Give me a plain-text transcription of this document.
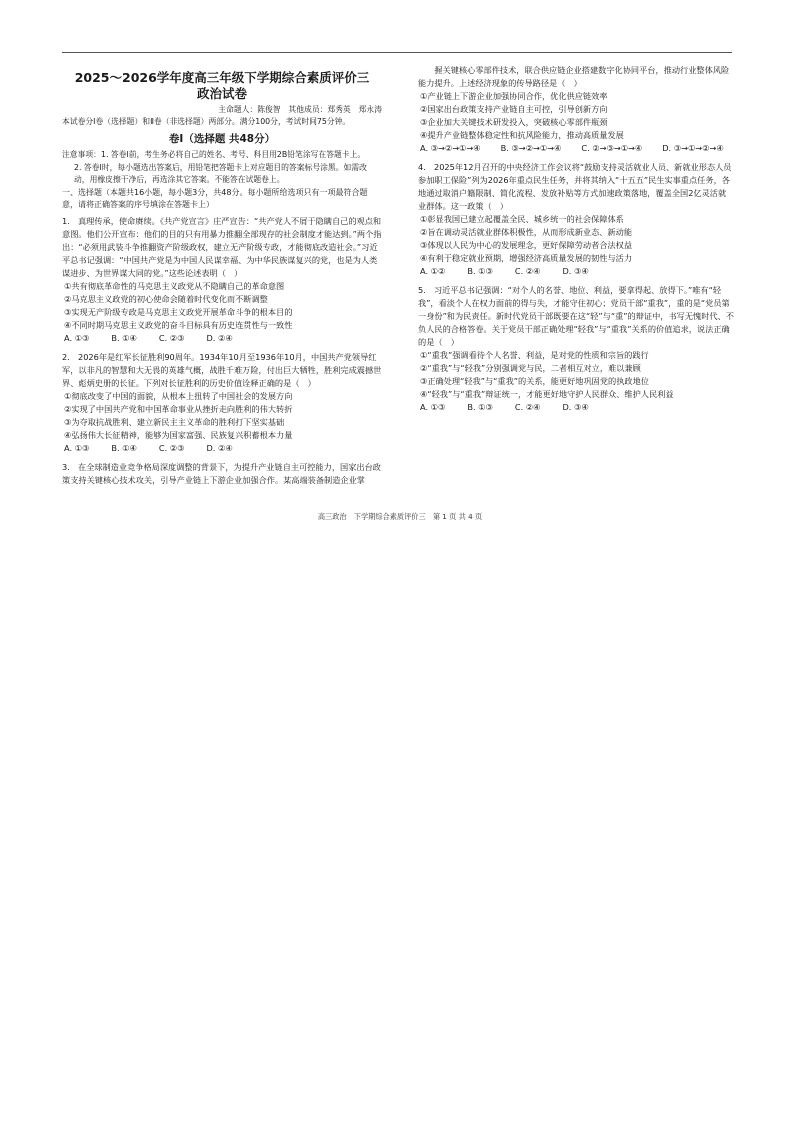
2025～2026学年度高三年级下学期综合素质评价三
政治试卷
主命题人：陈俊智　其他成员：郑秀英　郑永涛
本试卷分Ⅰ卷（选择题）和Ⅱ卷（非选择题）两部分。满分100分，考试时间75分钟。
卷Ⅰ（选择题 共48分）

注意事项：1. 答卷Ⅰ前，考生务必将自己的姓名、考号、科目用2B铅笔涂写在答题卡上。

2. 答卷Ⅰ时，每小题选出答案后，用铅笔把答题卡上对应题目的答案标号涂黑。如需改动，用橡皮擦干净后，再选涂其它答案。不能答在试题卷上。

一、选择题（本题共16小题，每小题3分，共48分。每小题所给选项只有一项最符合题意，请将正确答案的序号填涂在答题卡上）

1.　真理传承，使命赓续。《共产党宣言》庄严宣告：“共产党人不屑于隐瞒自己的观点和意图。他们公开宣布：他们的目的只有用暴力推翻全部现存的社会制度才能达到。”两个指出：“必须用武装斗争推翻资产阶级政权，建立无产阶级专政，才能彻底改造社会。”习近平总书记强调：“中国共产党是为中国人民谋幸福、为中华民族谋复兴的党，也是为人类谋进步、为世界谋大同的党。”这些论述表明（　）

①共有彻底革命性的马克思主义政党从不隐瞒自己的革命意图

②马克思主义政党的初心使命会随着时代变化而不断调整

③实现无产阶级专政是马克思主义政党开展革命斗争的根本目的

④不同时期马克思主义政党的奋斗目标具有历史连贯性与一致性

A. ①③	B. ①④	C. ②③	D. ②④

2.　2026年是红军长征胜利90周年。1934年10月至1936年10月，中国共产党领导红军，以非凡的智慧和大无畏的英雄气概，战胜千难万险，付出巨大牺牲，胜利完成震撼世界、彪炳史册的长征。下列对长征胜利的历史价值诠释正确的是（　）

①彻底改变了中国的面貌，从根本上扭转了中国社会的发展方向

②实现了中国共产党和中国革命事业从挫折走向胜利的伟大转折

③为夺取抗战胜利、建立新民主主义革命的胜利打下坚实基础

④弘扬伟大长征精神，能够为国家富强、民族复兴积蓄根本力量

A. ①③	B. ①④	C. ②③	D. ②④

3.　在全球制造业竞争格局深度调整的背景下，为提升产业链自主可控能力，国家出台政策支持关键核心技术攻关，引导产业链上下游企业加强合作。某高端装备制造企业掌

　　握关键核心零部件技术，联合供应链企业搭建数字化协同平台，推动行业整体风险能力提升。上述经济现象的传导路径是（　）

①产业链上下游企业加强协同合作，优化供应链效率

②国家出台政策支持产业链自主可控，引导创新方向

③企业加大关键技术研发投入，突破核心零部件瓶颈

④提升产业链整体稳定性和抗风险能力，推动高质量发展

A. ③→②→①→④ B. ③→②→①→④ C. ②→③→①→④ D. ③→①→②→④

4.　2025年12月召开的中央经济工作会议将“鼓励支持灵活就业人员、新就业形态人员参加职工保险”列为2026年重点民生任务，并将其纳入“十五五”民生实事重点任务，各地通过取消户籍限制、简化流程、发放补贴等方式加速政策落地，覆盖全国2亿灵活就业群体。这一政策（　）

①彰显我国已建立起覆盖全民、城乡统一的社会保障体系

②旨在调动灵活就业群体积极性，从而形成新业态、新动能

③体现以人民为中心的发展理念，更好保障劳动者合法权益

④有利于稳定就业预期，增强经济高质量发展的韧性与活力

A. ①②	B. ①③	C. ②④	D. ③④

5.　习近平总书记强调：“对个人的名誉、地位、利益，要拿得起、放得下。”唯有“轻我”，看淡个人在权力面前的得与失，才能守住初心；党员干部“重我”，重的是“党员第一身份”和为民责任。新时代党员干部既要在这“轻”与“重”的辩证中，书写无愧时代、不负人民的合格答卷。关于党员干部正确处理“轻我”与“重我”关系的价值追求，说法正确的是（　）

①“重我”强调看待个人名誉、利益，是对党的性质和宗旨的践行

②“重我”与“轻我”分别强调党与民，二者相互对立，难以兼顾

③正确处理“轻我”与“重我”的关系，能更好地巩固党的执政地位

④“轻我”与“重我”辩证统一，才能更好地守护人民群众、维护人民利益

A. ①③	B. ①③	C. ②④	D. ③④
高三政治　下学期综合素质评价三　第 1 页 共 4 页
